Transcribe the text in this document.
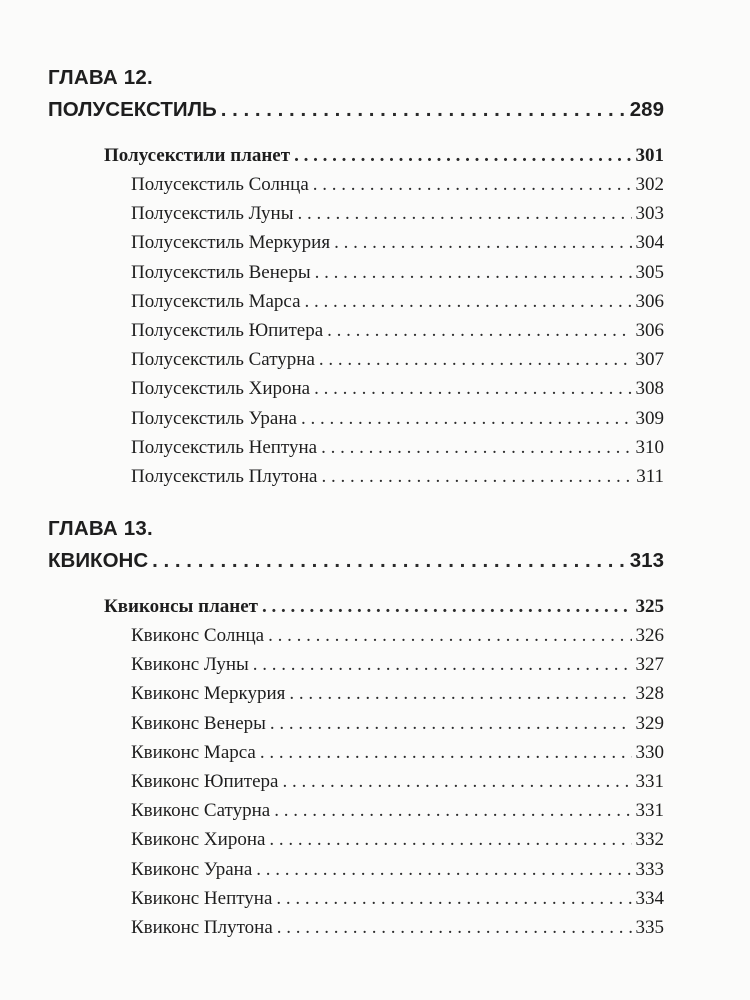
ГЛАВА 12.
ПОЛУСЕКСТИЛЬ . . .	289
Полусекстили планет . . .	301
Полусекстиль Солнца . . .	302
Полусекстиль Луны . . .	303
Полусекстиль Меркурия . . .	304
Полусекстиль Венеры . . .	305
Полусекстиль Марса . . .	306
Полусекстиль Юпитера . . .	306
Полусекстиль Сатурна . . .	307
Полусекстиль Хирона . . .	308
Полусекстиль Урана . . .	309
Полусекстиль Нептуна . . .	310
Полусекстиль Плутона . . .	311
ГЛАВА 13.
КВИКОНС . . .	313
Квиконсы планет . . .	325
Квиконс Солнца . . .	326
Квиконс Луны . . .	327
Квиконс Меркурия . . .	328
Квиконс Венеры . . .	329
Квиконс Марса . . .	330
Квиконс Юпитера . . .	331
Квиконс Сатурна . . .	331
Квиконс Хирона . . .	332
Квиконс Урана . . .	333
Квиконс Нептуна . . .	334
Квиконс Плутона . . .	335
